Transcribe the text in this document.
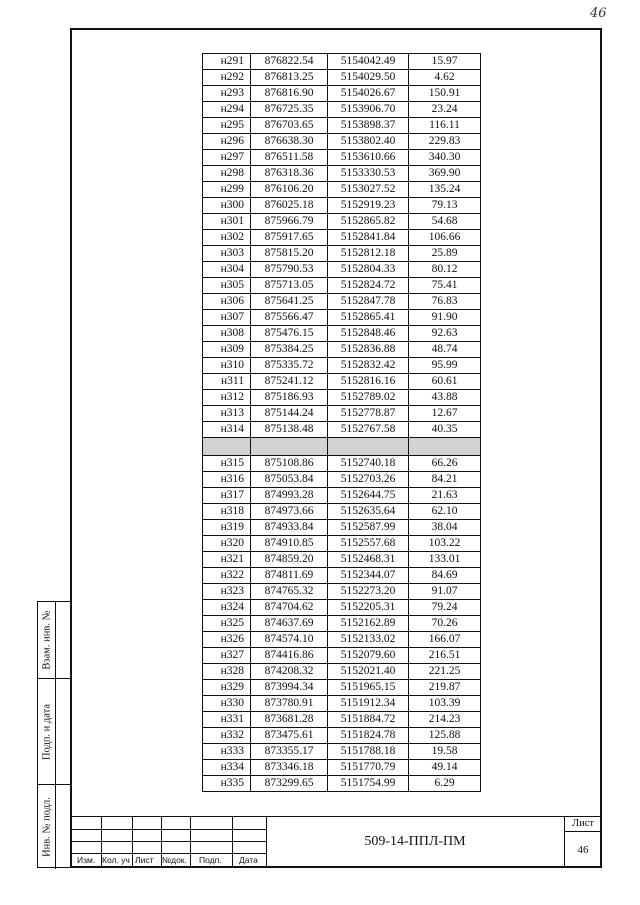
46
Взам. инв. №
Подп. и дата
Инв. № подл.
н291	876822.54	5154042.49	15.97
н292	876813.25	5154029.50	4.62
н293	876816.90	5154026.67	150.91
н294	876725.35	5153906.70	23.24
н295	876703.65	5153898.37	116.11
н296	876638.30	5153802.40	229.83
н297	876511.58	5153610.66	340.30
н298	876318.36	5153330.53	369.90
н299	876106.20	5153027.52	135.24
н300	876025.18	5152919.23	79.13
н301	875966.79	5152865.82	54.68
н302	875917.65	5152841.84	106.66
н303	875815.20	5152812.18	25.89
н304	875790.53	5152804.33	80.12
н305	875713.05	5152824.72	75.41
н306	875641.25	5152847.78	76.83
н307	875566.47	5152865.41	91.90
н308	875476.15	5152848.46	92.63
н309	875384.25	5152836.88	48.74
н310	875335.72	5152832.42	95.99
н311	875241.12	5152816.16	60.61
н312	875186.93	5152789.02	43.88
н313	875144.24	5152778.87	12.67
н314	875138.48	5152767.58	40.35

н315	875108.86	5152740.18	66.26
н316	875053.84	5152703.26	84.21
н317	874993.28	5152644.75	21.63
н318	874973.66	5152635.64	62.10
н319	874933.84	5152587.99	38.04
н320	874910.85	5152557.68	103.22
н321	874859.20	5152468.31	133.01
н322	874811.69	5152344.07	84.69
н323	874765.32	5152273.20	91.07
н324	874704.62	5152205.31	79.24
н325	874637.69	5152162.89	70.26
н326	874574.10	5152133.02	166.07
н327	874416.86	5152079.60	216.51
н328	874208.32	5152021.40	221.25
н329	873994.34	5151965.15	219.87
н330	873780.91	5151912.34	103.39
н331	873681.28	5151884.72	214.23
н332	873475.61	5151824.78	125.88
н333	873355.17	5151788.18	19.58
н334	873346.18	5151770.79	49.14
н335	873299.65	5151754.99	6.29
Изм. Кол. уч Лист №док. Подп. Дата
509-14-ППЛ-ПМ
Лист
46
